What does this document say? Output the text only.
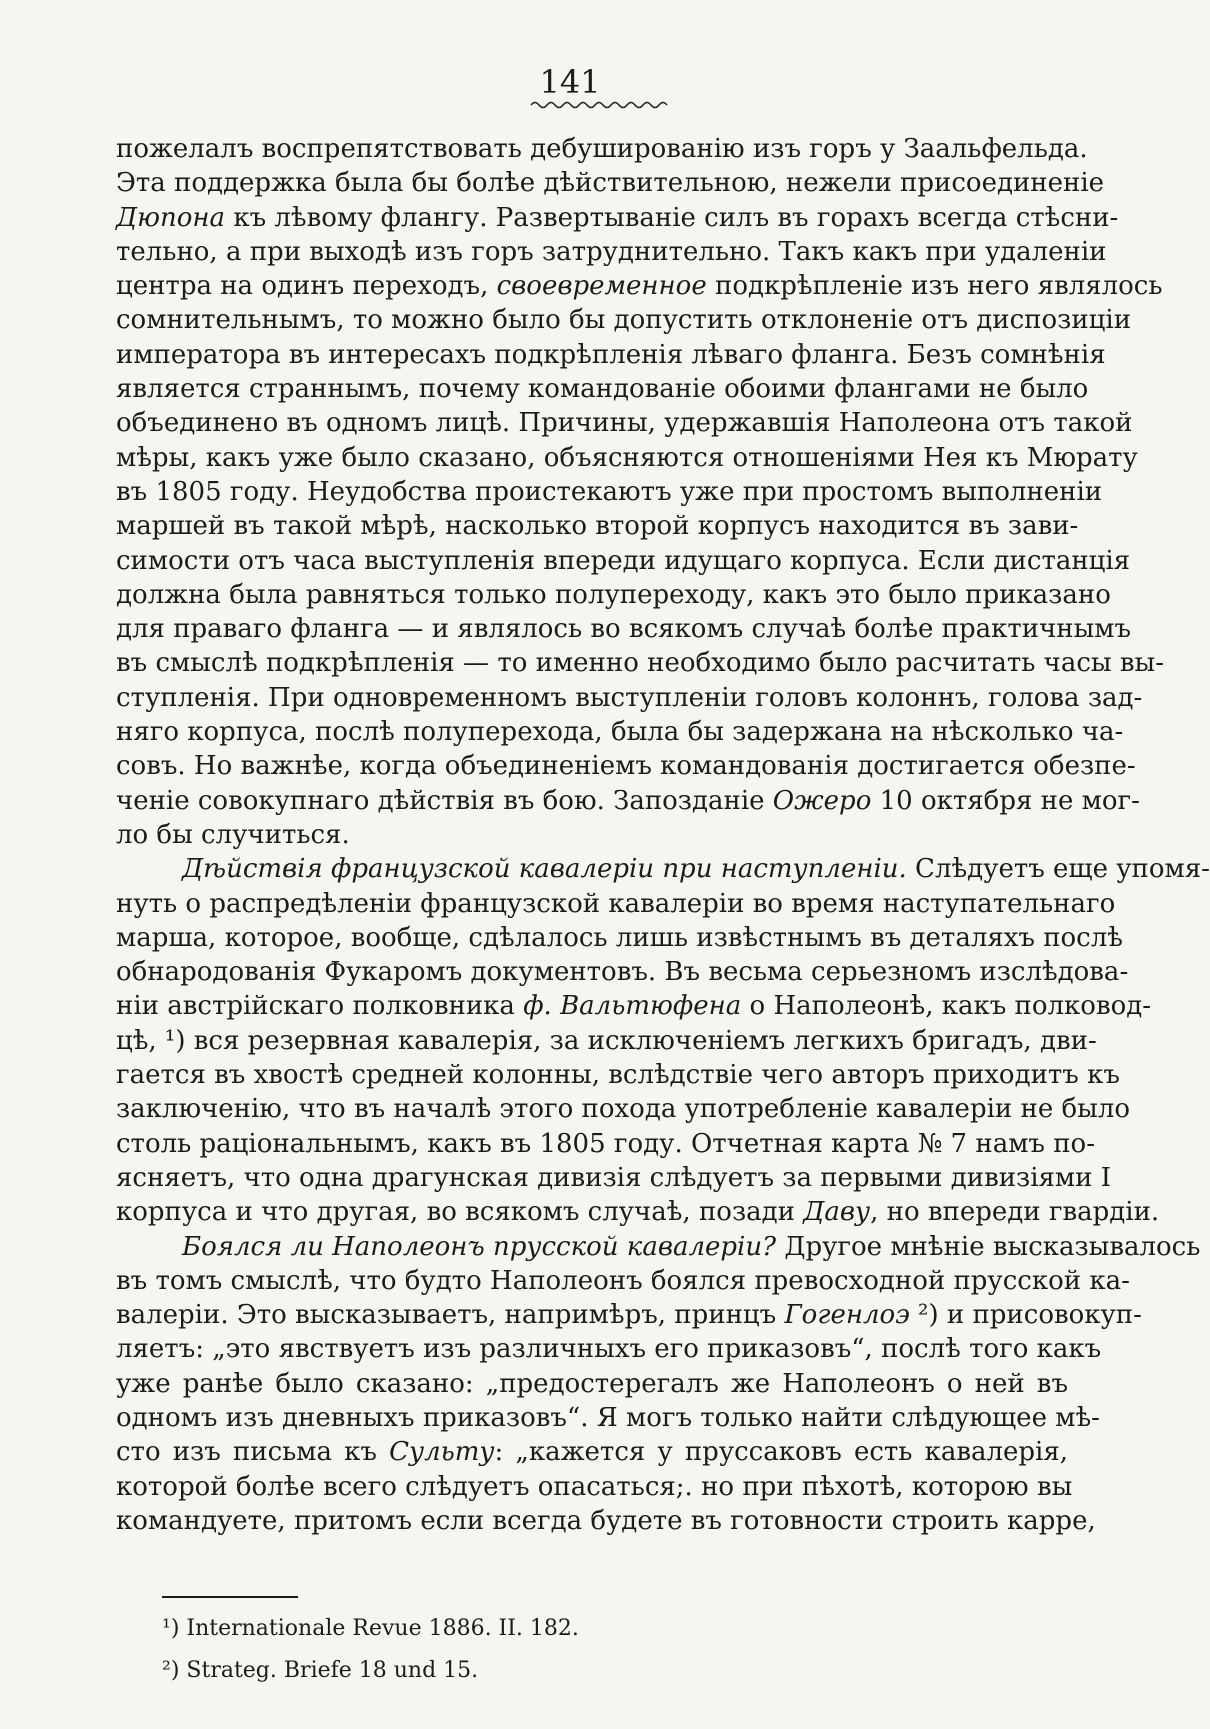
141
пожелалъ воспрепятствовать дебушированію изъ горъ у Заальфельда.
Эта поддержка была бы болѣе дѣйствительною, нежели присоединеніе
Дюпона къ лѣвому флангу. Развертываніе силъ въ горахъ всегда стѣсни-
тельно, а при выходѣ изъ горъ затруднительно. Такъ какъ при удаленіи
центра на одинъ переходъ, своевременное подкрѣпленіе изъ него являлось
сомнительнымъ, то можно было бы допустить отклоненіе отъ диспозиціи
императора въ интересахъ подкрѣпленія лѣваго фланга. Безъ сомнѣнія
является страннымъ, почему командованіе обоими флангами не было
объединено въ одномъ лицѣ. Причины, удержавшія Наполеона отъ такой
мѣры, какъ уже было сказано, объясняются отношеніями Нея къ Мюрату
въ 1805 году. Неудобства проистекаютъ уже при простомъ выполненіи
маршей въ такой мѣрѣ, насколько второй корпусъ находится въ зави-
симости отъ часа выступленія впереди идущаго корпуса. Если дистанція
должна была равняться только полупереходу, какъ это было приказано
для праваго фланга — и являлось во всякомъ случаѣ болѣе практичнымъ
въ смыслѣ подкрѣпленія — то именно необходимо было расчитать часы вы-
ступленія. При одновременномъ выступленіи головъ колоннъ, голова зад-
няго корпуса, послѣ полуперехода, была бы задержана на нѣсколько ча-
совъ. Но важнѣе, когда объединеніемъ командованія достигается обезпе-
ченіе совокупнаго дѣйствія въ бою. Запозданіе Ожеро 10 октября не мог-
ло бы случиться.
Дѣйствія французской кавалеріи при наступленіи. Слѣдуетъ еще упомя-
нуть о распредѣленіи французской кавалеріи во время наступательнаго
марша, которое, вообще, сдѣлалось лишь извѣстнымъ въ деталяхъ послѣ
обнародованія Фукаромъ документовъ. Въ весьма серьезномъ изслѣдова-
ніи австрійскаго полковника ф. Вальтюфена о Наполеонѣ, какъ полковод-
цѣ, ¹) вся резервная кавалерія, за исключеніемъ легкихъ бригадъ, дви-
гается въ хвостѣ средней колонны, вслѣдствіе чего авторъ приходитъ къ
заключенію, что въ началѣ этого похода употребленіе кавалеріи не было
столь раціональнымъ, какъ въ 1805 году. Отчетная карта № 7 намъ по-
ясняетъ, что одна драгунская дивизія слѣдуетъ за первыми дивизіями I
корпуса и что другая, во всякомъ случаѣ, позади Даву, но впереди гвардіи.
Боялся ли Наполеонъ прусской кавалеріи? Другое мнѣніе высказывалось
въ томъ смыслѣ, что будто Наполеонъ боялся превосходной прусской ка-
валеріи. Это высказываетъ, напримѣръ, принцъ Гогенлоэ ²) и присовокуп-
ляетъ: „это явствуетъ изъ различныхъ его приказовъ“, послѣ того какъ
уже ранѣе было сказано: „предостерегалъ же Наполеонъ о ней въ
одномъ изъ дневныхъ приказовъ“. Я могъ только найти слѣдующее мѣ-
сто изъ письма къ Сульту: „кажется у пруссаковъ есть кавалерія,
которой болѣе всего слѣдуетъ опасаться;. но при пѣхотѣ, которою вы
командуете, притомъ если всегда будете въ готовности строить карре,
¹) Internationale Revue 1886. II. 182.
²) Strateg. Briefe 18 und 15.
